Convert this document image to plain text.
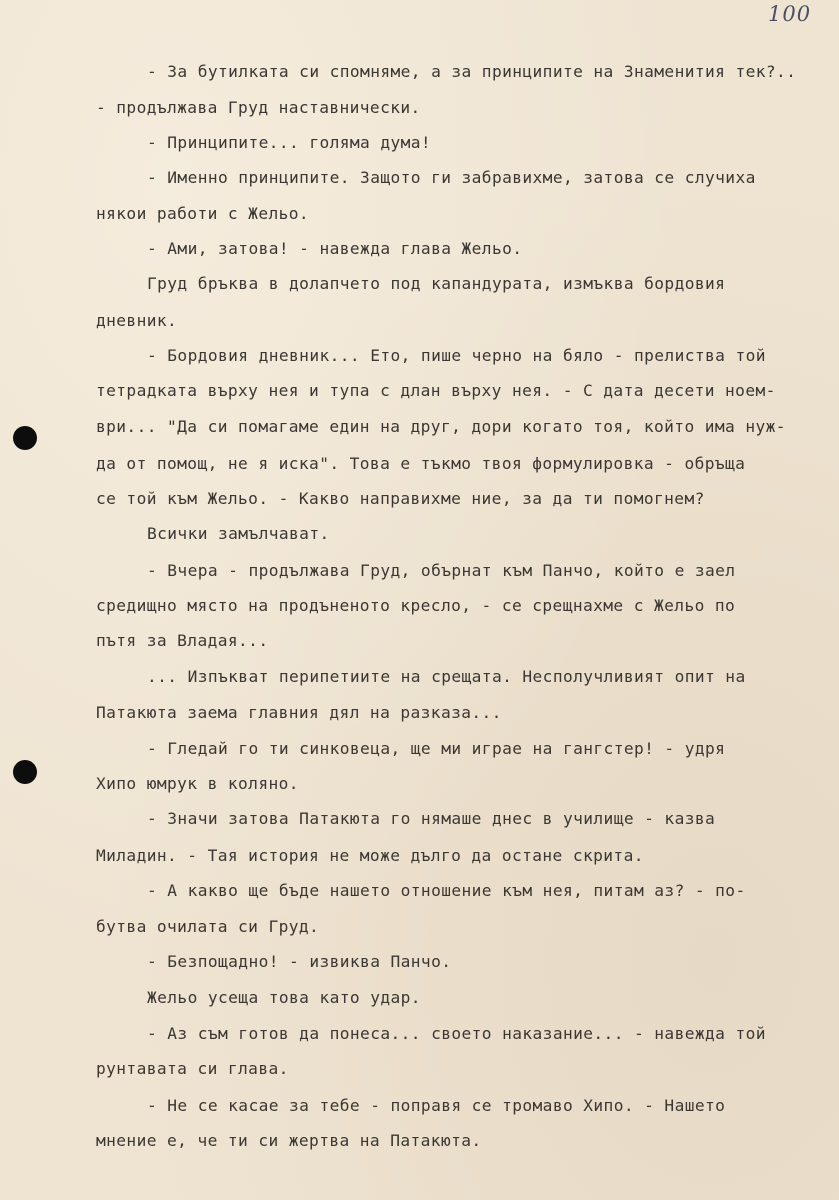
100
- За бутилката си спомняме, а за принципите на Знаменития тек?..
- продължава Груд наставнически.
- Принципите... голяма дума!
- Именно принципите. Защото ги забравихме, затова се случиха
някои работи с Жельо.
- Ами, затова! - навежда глава Жельо.
Груд бръква в долапчето под капандурата, измъква бордовия
дневник.
- Бордовия дневник... Ето, пише черно на бяло - прелиства той
тетрадката върху нея и тупа с длан върху нея. - С дата десети ноем-
ври... "Да си помагаме един на друг, дори когато тоя, който има нуж-
да от помощ, не я иска". Това е тъкмо твоя формулировка - обръща
се той към Жельо. - Какво направихме ние, за да ти помогнем?
Всички замълчават.
- Вчера - продължава Груд, обърнат към Панчо, който е заел
средищно място на продъненото кресло, - се срещнахме с Жельо по
пътя за Владая...
... Изпъкват перипетиите на срещата. Несполучливият опит на
Патакюта заема главния дял на разказа...
- Гледай го ти синковеца, ще ми играе на гангстер! - удря
Хипо юмрук в коляно.
- Значи затова Патакюта го нямаше днес в училище - казва
Миладин. - Тая история не може дълго да остане скрита.
- А какво ще бъде нашето отношение към нея, питам аз? - по-
бутва очилата си Груд.
- Безпощадно! - извиква Панчо.
Жельо усеща това като удар.
- Аз съм готов да понеса... своето наказание... - навежда той
рунтавата си глава.
- Не се касае за тебе - поправя се тромаво Хипо. - Нашето
мнение е, че ти си жертва на Патакюта.
